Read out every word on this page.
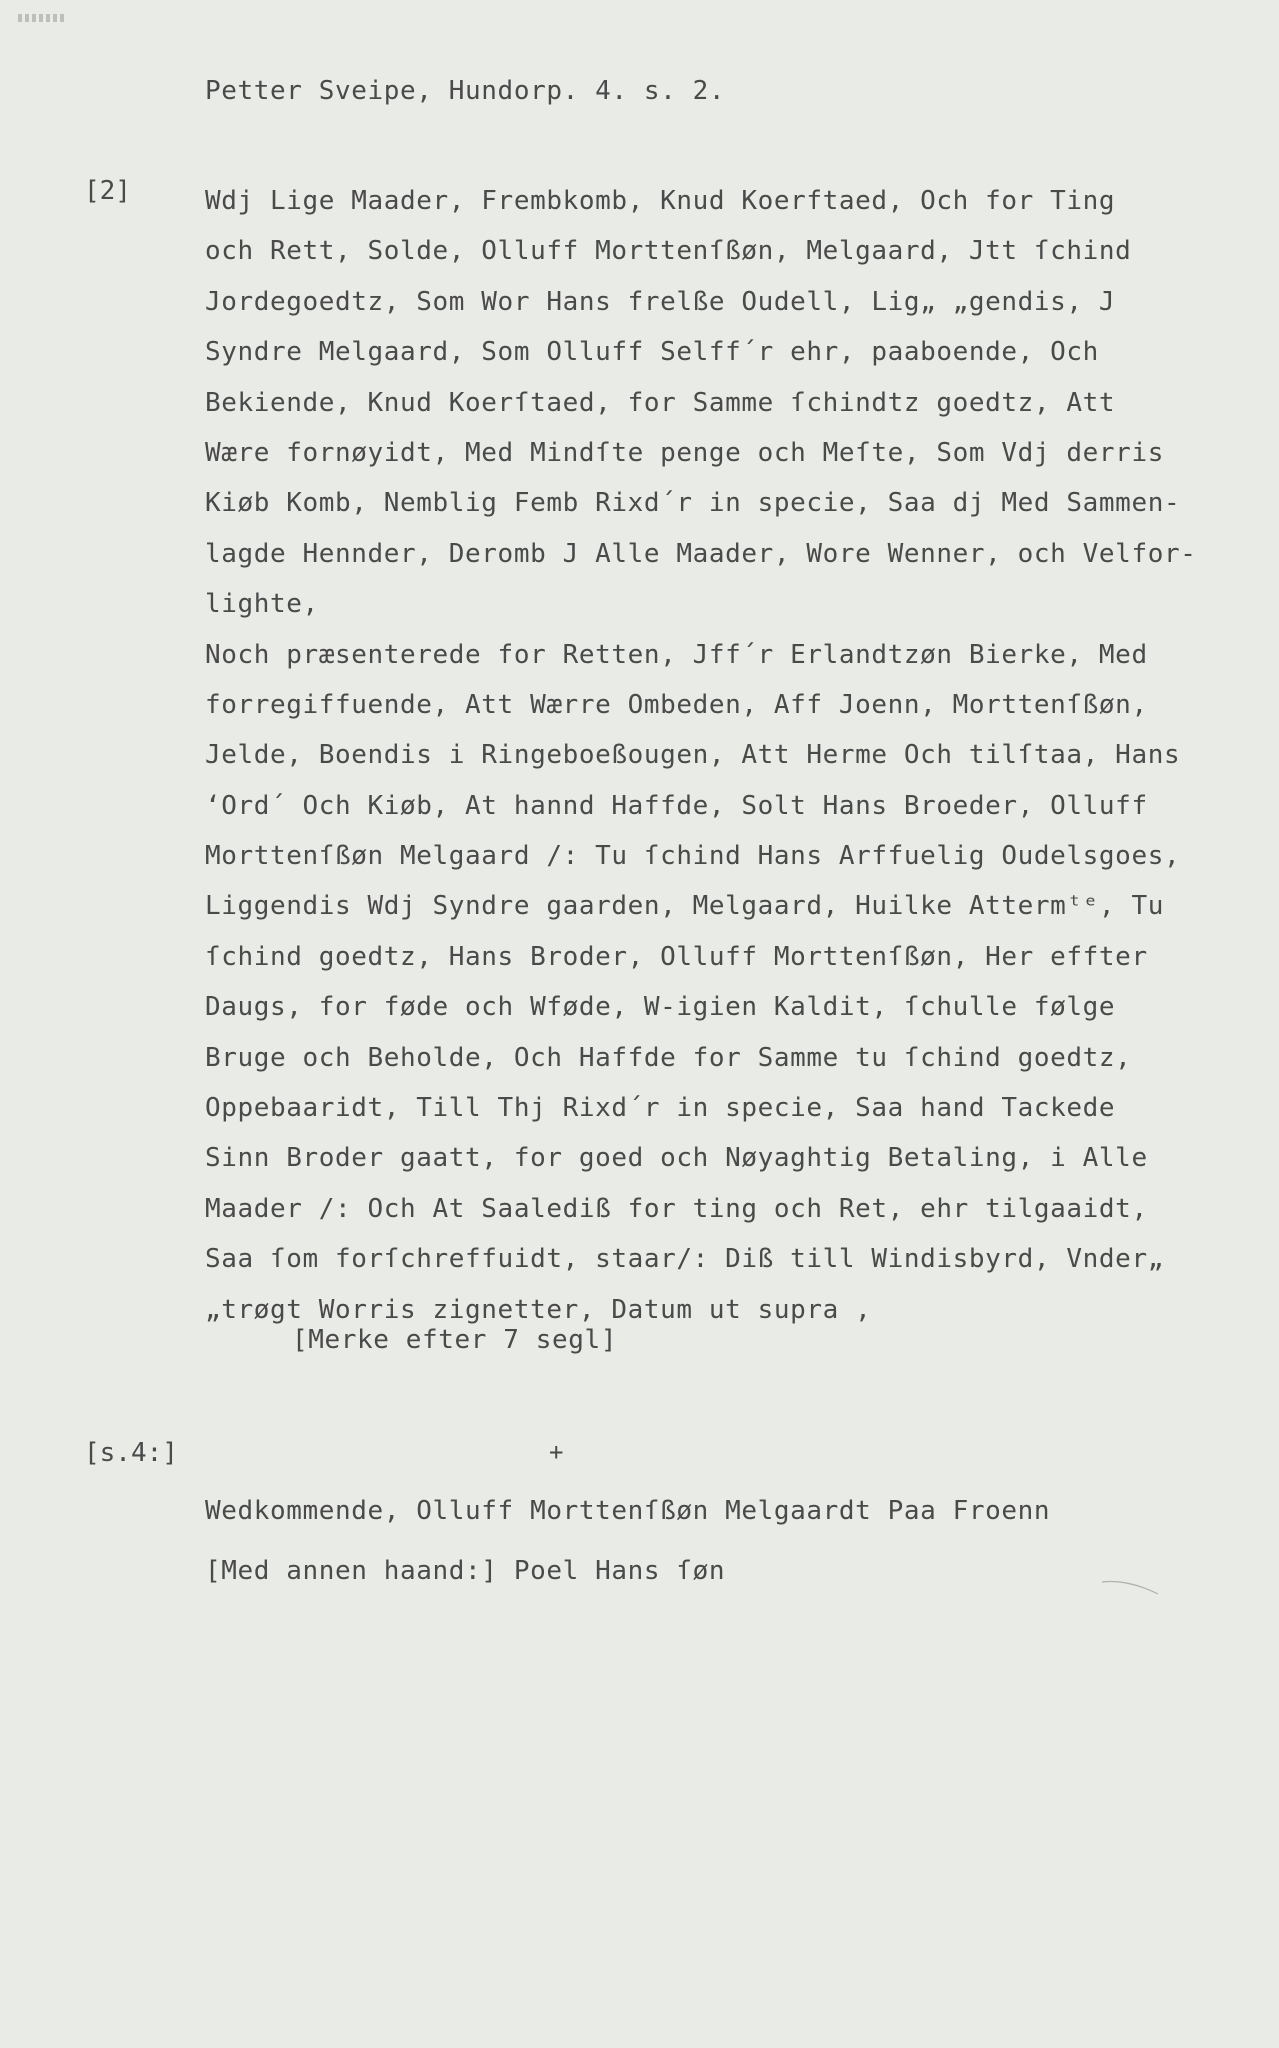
Petter Sveipe, Hundorp. 4. s. 2.
[2]	Wdj Lige Maader, Frembkomb, Knud Koerftaed, Och for Ting
och Rett, Solde, Olluff Morttenſßøn, Melgaard, Jtt ſchind
Jordegoedtz, Som Wor Hans frelße Oudell, Lig„ „gendis, J
Syndre Melgaard, Som Olluff Selff´r ehr, paaboende, Och
Bekiende, Knud Koerſtaed, for Samme ſchindtz goedtz, Att
Wære fornøyidt, Med Mindſte penge och Meſte, Som Vdj derris
Kiøb Komb, Nemblig Femb Rixd´r in specie, Saa dj Med Sammen-
lagde Hennder, Deromb J Alle Maader, Wore Wenner, och Velfor-
lighte,
Noch præsenterede for Retten, Jff´r Erlandtzøn Bierke, Med
forregiffuende, Att Wærre Ombeden, Aff Joenn, Morttenſßøn,
Jelde, Boendis i Ringeboeßougen, Att Herme Och tilſtaa, Hans
‘Ord´ Och Kiøb, At hannd Haffde, Solt Hans Broeder, Olluff
Morttenſßøn Melgaard /: Tu ſchind Hans Arffuelig Oudelsgoes,
Liggendis Wdj Syndre gaarden, Melgaard, Huilke Attermᵗᵉ, Tu
ſchind goedtz, Hans Broder, Olluff Morttenſßøn, Her effter
Daugs, for føde och Wføde, W‐igien Kaldit, ſchulle følge
Bruge och Beholde, Och Haffde for Samme tu ſchind goedtz,
Oppebaaridt, Till Thj Rixd´r in specie, Saa hand Tackede
Sinn Broder gaatt, for goed och Nøyaghtig Betaling, i Alle
Maader /: Och At Saalediß for ting och Ret, ehr tilgaaidt,
Saa ſom forſchreffuidt, staar/: Diß till Windisbyrd, Vnder„
„trøgt Worris zignetter, Datum ut supra ,
[Merke efter 7 segl]
[s.4:]	+
Wedkommende, Olluff Morttenſßøn Melgaardt Paa Froenn
[Med annen haand:] Poel Hans ſøn
